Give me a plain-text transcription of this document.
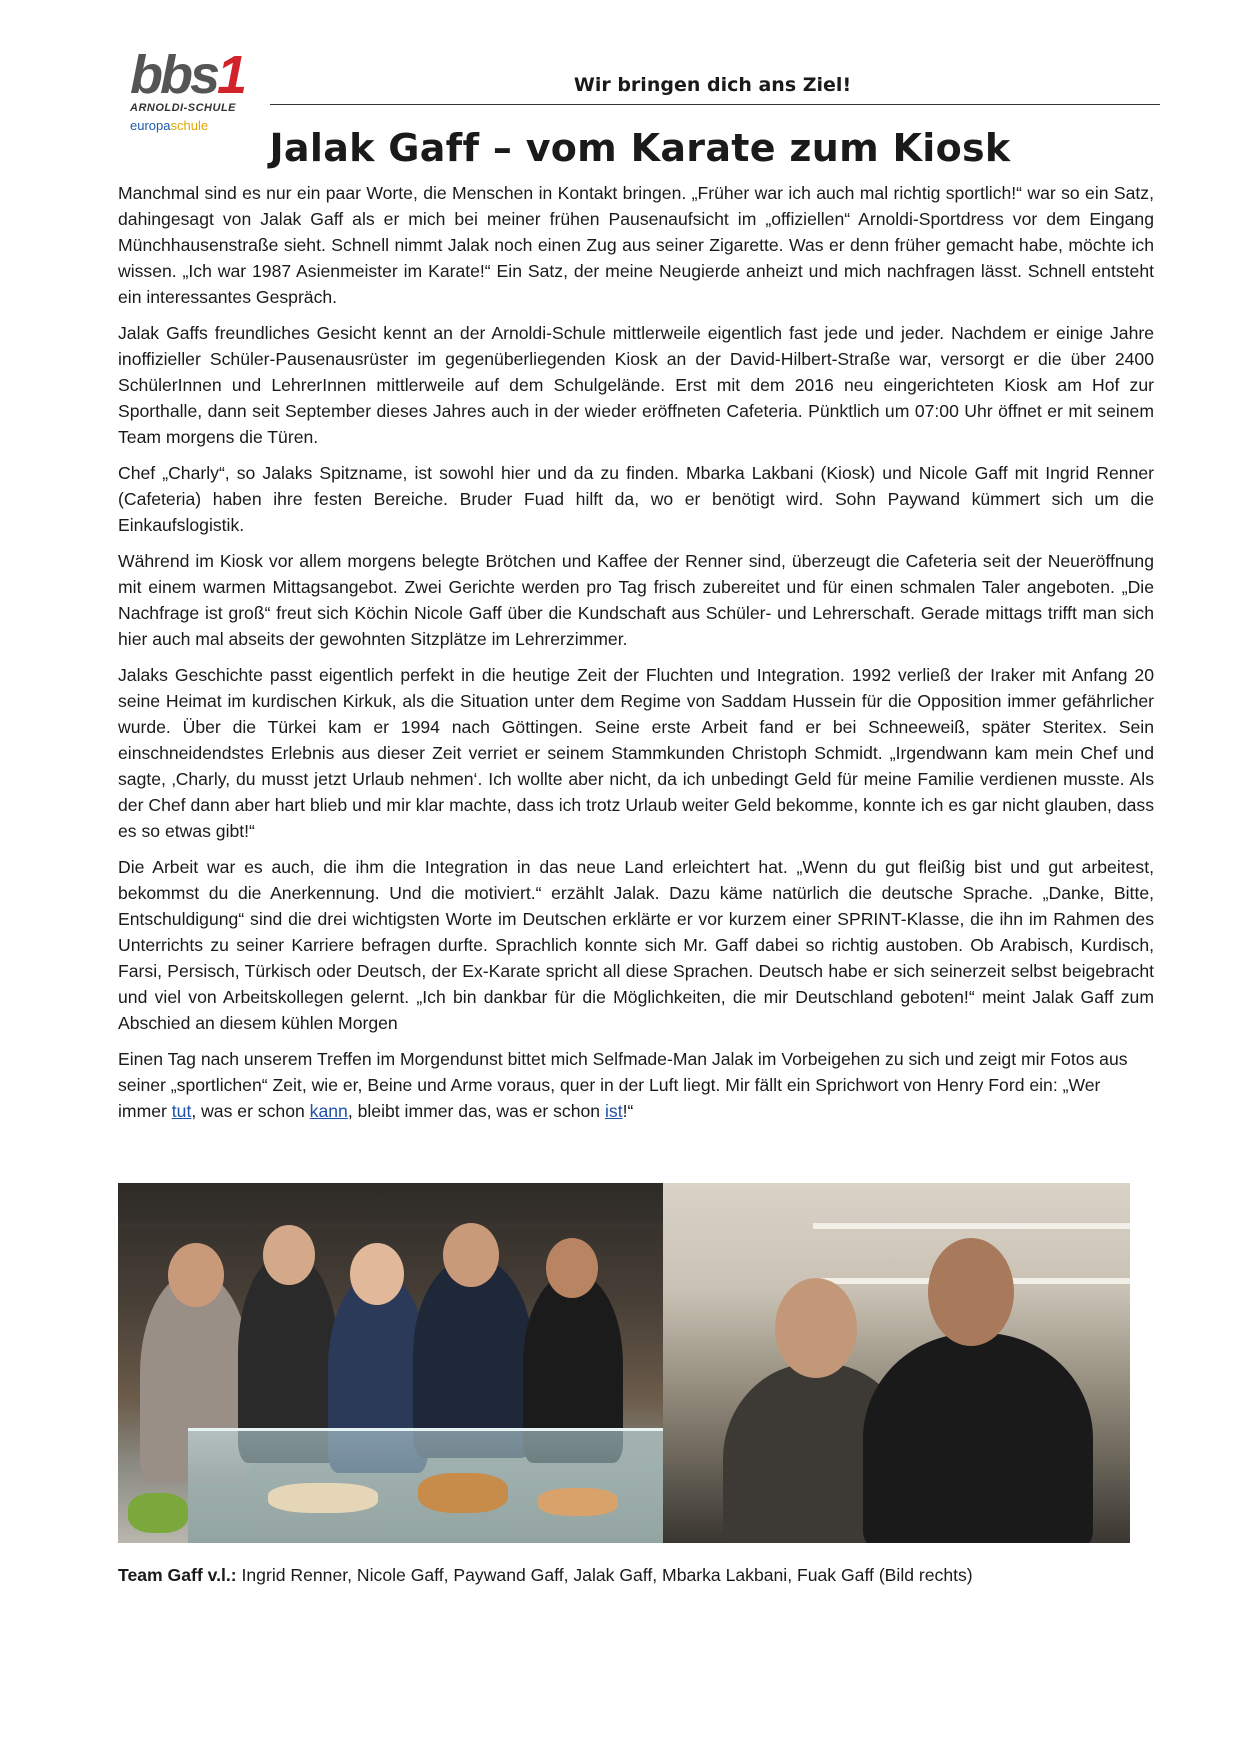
bbs1
ARNOLDI-SCHULE
europaschule
Wir bringen dich ans Ziel!
Jalak Gaff – vom Karate zum Kiosk

Manchmal sind es nur ein paar Worte, die Menschen in Kontakt bringen. „Früher war ich auch mal richtig sportlich!“ war so ein Satz, dahingesagt von Jalak Gaff als er mich bei meiner frühen Pausenaufsicht im „offiziellen“ Arnoldi-Sportdress vor dem Eingang Münchhausenstraße sieht. Schnell nimmt Jalak noch einen Zug aus seiner Zigarette. Was er denn früher gemacht habe, möchte ich wissen. „Ich war 1987 Asienmeister im Karate!“ Ein Satz, der meine Neugierde anheizt und mich nachfragen lässt. Schnell entsteht ein interessantes Gespräch.

Jalak Gaffs freundliches Gesicht kennt an der Arnoldi-Schule mittlerweile eigentlich fast jede und jeder. Nachdem er einige Jahre inoffizieller Schüler-Pausenausrüster im gegenüberliegenden Kiosk an der David-Hilbert-Straße war, versorgt er die über 2400 SchülerInnen und LehrerInnen mittlerweile auf dem Schulgelände. Erst mit dem 2016 neu eingerichteten Kiosk am Hof zur Sporthalle, dann seit September dieses Jahres auch in der wieder eröffneten Cafeteria. Pünktlich um 07:00 Uhr öffnet er mit seinem Team morgens die Türen.

Chef „Charly“, so Jalaks Spitzname, ist sowohl hier und da zu finden. Mbarka Lakbani (Kiosk) und Nicole Gaff mit Ingrid Renner (Cafeteria) haben ihre festen Bereiche. Bruder Fuad hilft da, wo er benötigt wird. Sohn Paywand kümmert sich um die Einkaufslogistik.

Während im Kiosk vor allem morgens belegte Brötchen und Kaffee der Renner sind, überzeugt die Cafeteria seit der Neueröffnung mit einem warmen Mittagsangebot. Zwei Gerichte werden pro Tag frisch zubereitet und für einen schmalen Taler angeboten. „Die Nachfrage ist groß“ freut sich Köchin Nicole Gaff über die Kundschaft aus Schüler- und Lehrerschaft. Gerade mittags trifft man sich hier auch mal abseits der gewohnten Sitzplätze im Lehrerzimmer.

Jalaks Geschichte passt eigentlich perfekt in die heutige Zeit der Fluchten und Integration. 1992 verließ der Iraker mit Anfang 20 seine Heimat im kurdischen Kirkuk, als die Situation unter dem Regime von Saddam Hussein für die Opposition immer gefährlicher wurde. Über die Türkei kam er 1994 nach Göttingen. Seine erste Arbeit fand er bei Schneeweiß, später Steritex. Sein einschneidendstes Erlebnis aus dieser Zeit verriet er seinem Stammkunden Christoph Schmidt. „Irgendwann kam mein Chef und sagte, ‚Charly, du musst jetzt Urlaub nehmen‘. Ich wollte aber nicht, da ich unbedingt Geld für meine Familie verdienen musste. Als der Chef dann aber hart blieb und mir klar machte, dass ich trotz Urlaub weiter Geld bekomme, konnte ich es gar nicht glauben, dass es so etwas gibt!“

Die Arbeit war es auch, die ihm die Integration in das neue Land erleichtert hat. „Wenn du gut fleißig bist und gut arbeitest, bekommst du die Anerkennung. Und die motiviert.“ erzählt Jalak. Dazu käme natürlich die deutsche Sprache. „Danke, Bitte, Entschuldigung“ sind die drei wichtigsten Worte im Deutschen erklärte er vor kurzem einer SPRINT-Klasse, die ihn im Rahmen des Unterrichts zu seiner Karriere befragen durfte. Sprachlich konnte sich Mr. Gaff dabei so richtig austoben. Ob Arabisch, Kurdisch, Farsi, Persisch, Türkisch oder Deutsch, der Ex-Karate spricht all diese Sprachen. Deutsch habe er sich seinerzeit selbst beigebracht und viel von Arbeitskollegen gelernt. „Ich bin dankbar für die Möglichkeiten, die mir Deutschland geboten!“ meint Jalak Gaff zum Abschied an diesem kühlen Morgen

Einen Tag nach unserem Treffen im Morgendunst bittet mich Selfmade-Man Jalak im Vorbeigehen zu sich und zeigt mir Fotos aus seiner „sportlichen“ Zeit, wie er, Beine und Arme voraus, quer in der Luft liegt. Mir fällt ein Sprichwort von Henry Ford ein: „Wer immer tut, was er schon kann, bleibt immer das, was er schon ist!“

Team Gaff v.l.: Ingrid Renner, Nicole Gaff, Paywand Gaff, Jalak Gaff, Mbarka Lakbani, Fuak Gaff (Bild rechts)
